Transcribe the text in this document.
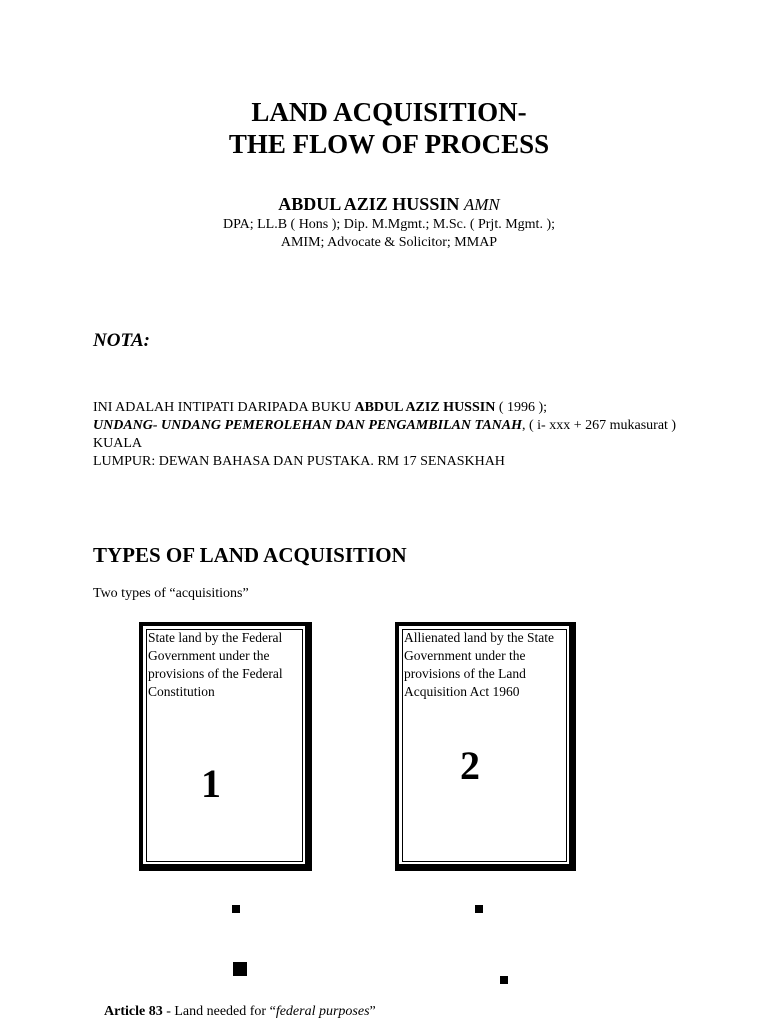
LAND ACQUISITION-
THE FLOW OF PROCESS
ABDUL AZIZ HUSSIN AMN
DPA; LL.B ( Hons ); Dip. M.Mgmt.; M.Sc. ( Prjt. Mgmt. );
AMIM; Advocate & Solicitor; MMAP
NOTA:
INI ADALAH INTIPATI DARIPADA BUKU ABDUL AZIZ HUSSIN ( 1996 );
UNDANG- UNDANG PEMEROLEHAN DAN PENGAMBILAN TANAH, ( i- xxx + 267 mukasurat ) KUALA
LUMPUR: DEWAN BAHASA DAN PUSTAKA. RM 17 SENASKHAH
TYPES OF LAND ACQUISITION
Two types of “acquisitions”
State land by the Federal Government under the provisions of the Federal Constitution
1
Allienated land by the State Government under the provisions of the Land Acquisition Act 1960
2
Article 83 - Land needed for “federal purposes”
